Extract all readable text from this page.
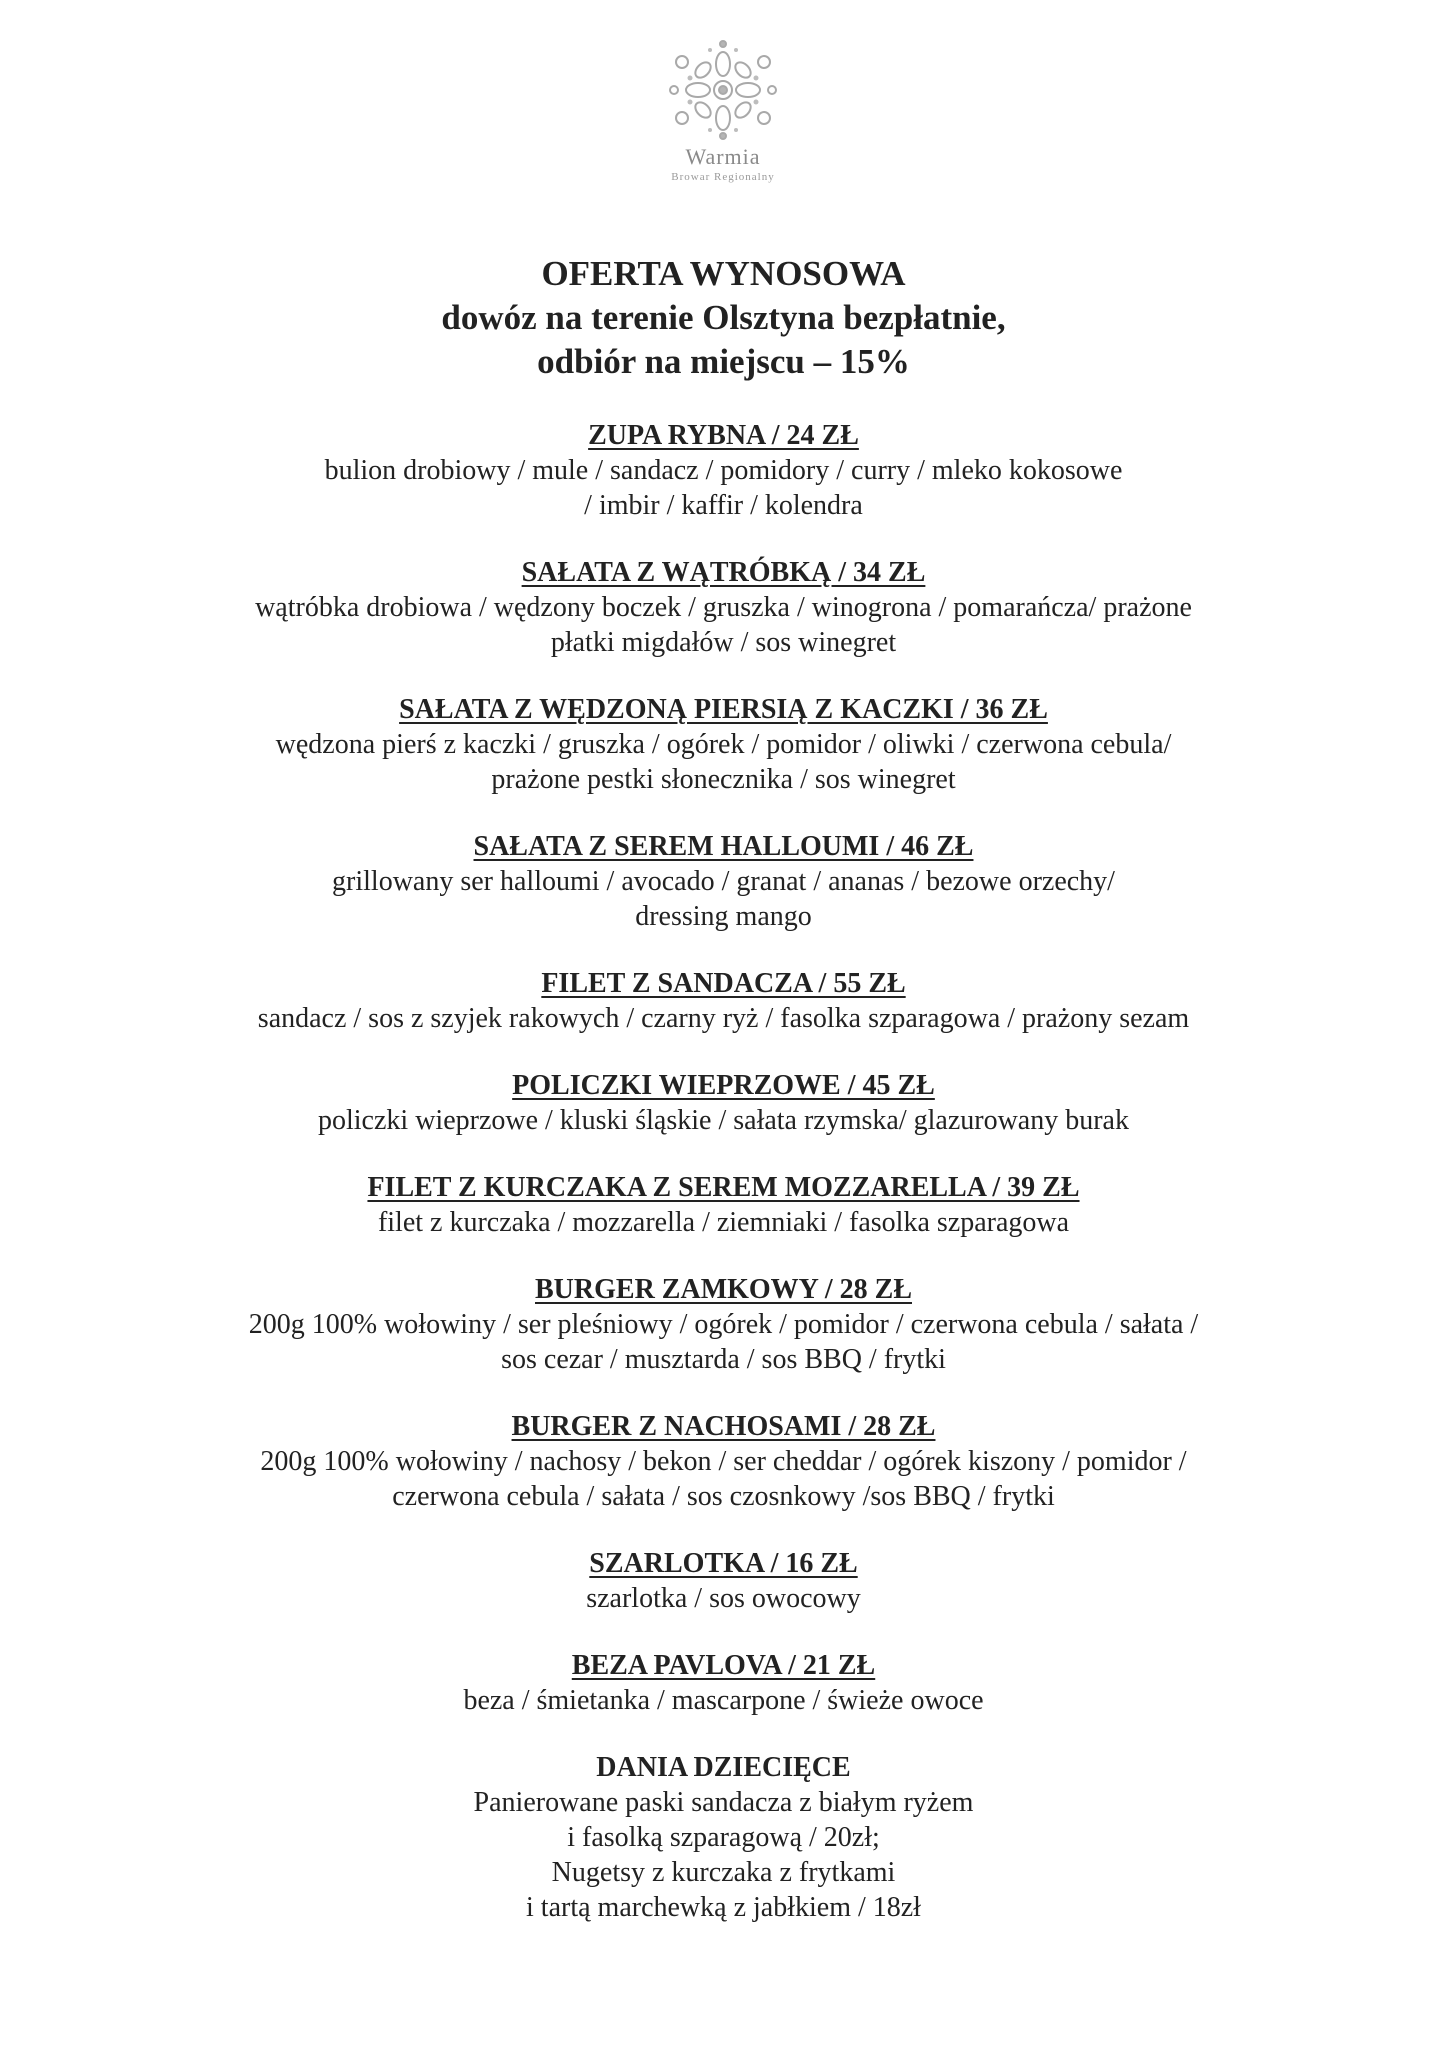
Warmia
Browar Regionalny
OFERTA WYNOSOWA
dowóz na terenie Olsztyna bezpłatnie,
odbiór na miejscu – 15%
ZUPA RYBNA / 24 ZŁ
bulion drobiowy / mule / sandacz / pomidory / curry / mleko kokosowe
/ imbir / kaffir / kolendra
SAŁATA Z WĄTRÓBKĄ / 34 ZŁ
wątróbka drobiowa / wędzony boczek / gruszka / winogrona / pomarańcza/ prażone
płatki migdałów / sos winegret
SAŁATA Z WĘDZONĄ PIERSIĄ Z KACZKI / 36 ZŁ
wędzona pierś z kaczki / gruszka / ogórek / pomidor / oliwki / czerwona cebula/
prażone pestki słonecznika / sos winegret
SAŁATA Z SEREM HALLOUMI / 46 ZŁ
grillowany ser halloumi / avocado / granat / ananas / bezowe orzechy/
dressing mango
FILET Z SANDACZA / 55 ZŁ
sandacz / sos z szyjek rakowych / czarny ryż / fasolka szparagowa / prażony sezam
POLICZKI WIEPRZOWE / 45 ZŁ
policzki wieprzowe / kluski śląskie / sałata rzymska/ glazurowany burak
FILET Z KURCZAKA Z SEREM MOZZARELLA / 39 ZŁ
filet z kurczaka / mozzarella / ziemniaki / fasolka szparagowa
BURGER ZAMKOWY / 28 ZŁ
200g 100% wołowiny / ser pleśniowy / ogórek / pomidor / czerwona cebula / sałata /
sos cezar / musztarda / sos BBQ / frytki
BURGER Z NACHOSAMI / 28 ZŁ
200g 100% wołowiny / nachosy / bekon / ser cheddar / ogórek kiszony / pomidor /
czerwona cebula / sałata / sos czosnkowy /sos BBQ / frytki
SZARLOTKA / 16 ZŁ
szarlotka / sos owocowy
BEZA PAVLOVA / 21 ZŁ
beza / śmietanka / mascarpone / świeże owoce
DANIA DZIECIĘCE
Panierowane paski sandacza z białym ryżem
i fasolką szparagową / 20zł;
Nugetsy z kurczaka z frytkami
i tartą marchewką z jabłkiem / 18zł
